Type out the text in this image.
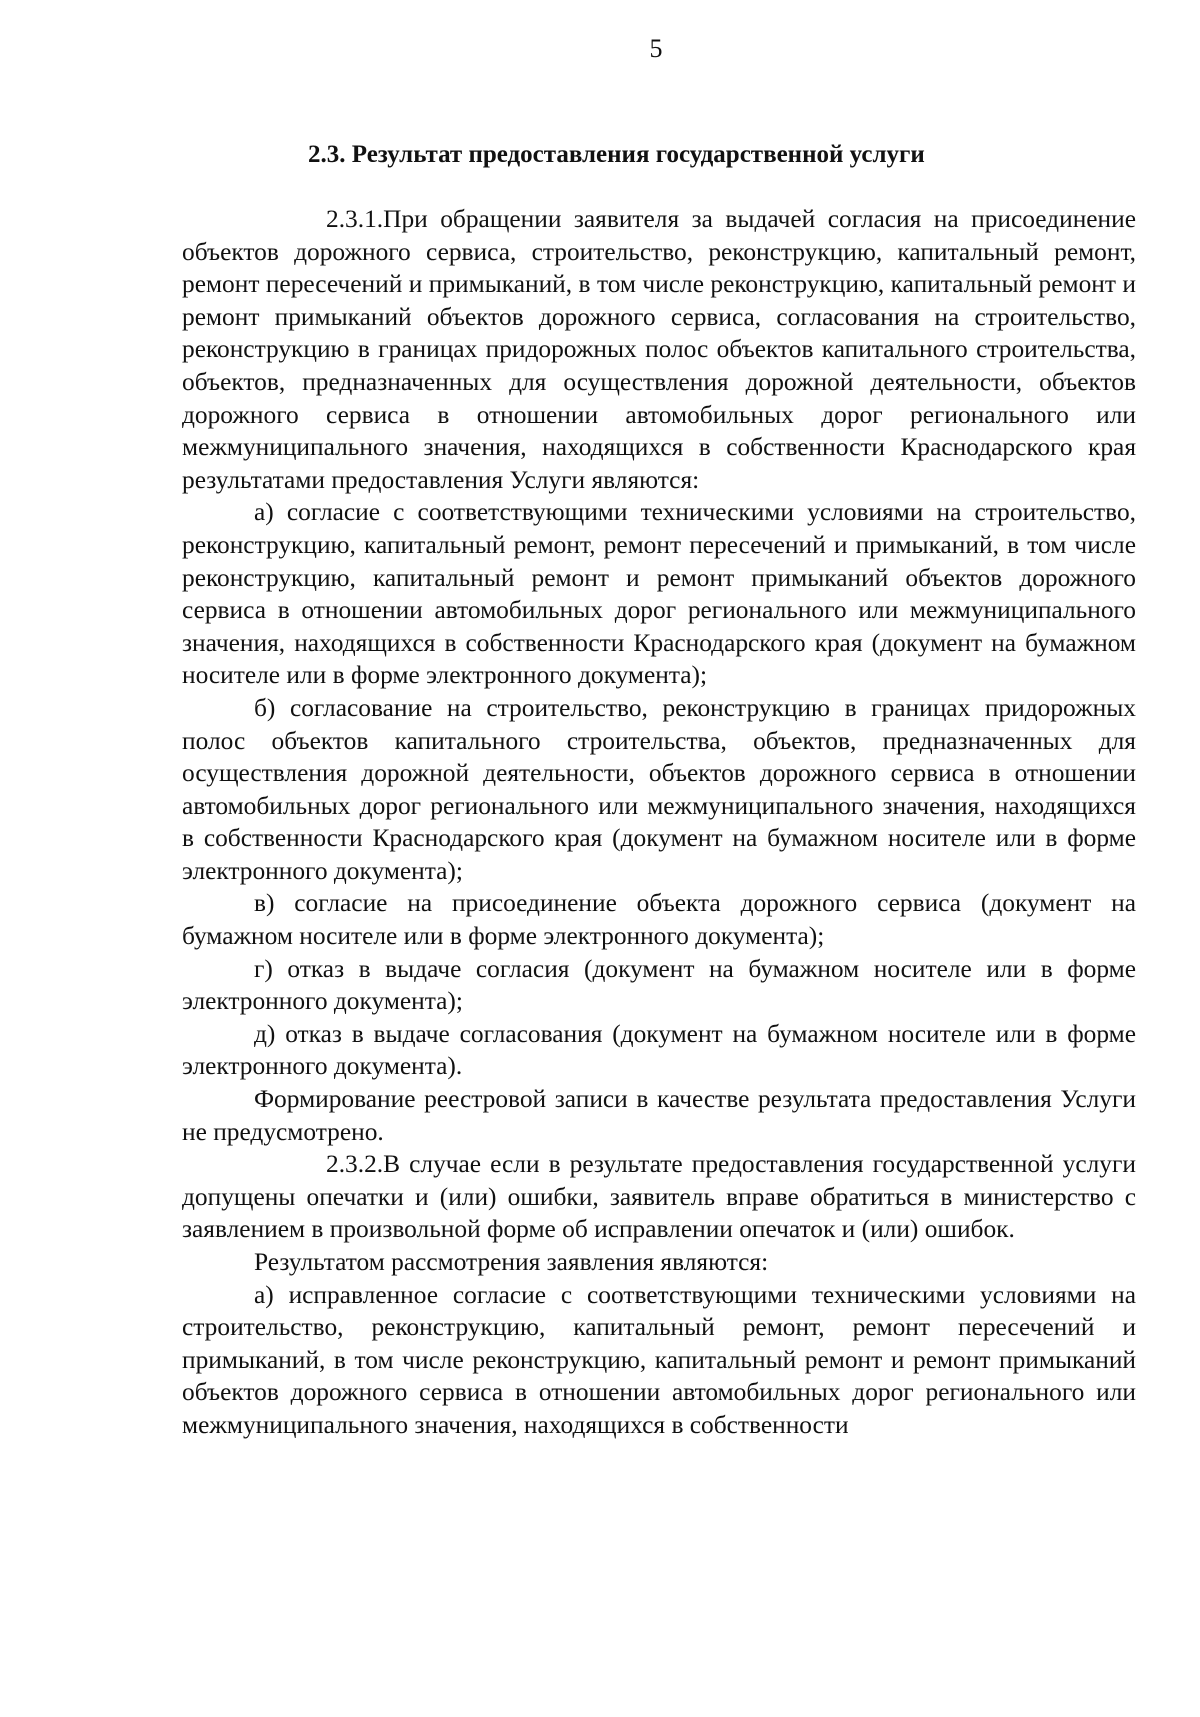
5
2.3. Результат предоставления государственной услуги

2.3.1.При обращении заявителя за выдачей согласия на присоединение объектов дорожного сервиса, строительство, реконструкцию, капитальный ремонт, ремонт пересечений и примыканий, в том числе реконструкцию, капитальный ремонт и ремонт примыканий объектов дорожного сервиса, согласования на строительство, реконструкцию в границах придорожных полос объектов капитального строительства, объектов, предназначенных для осуществления дорожной деятельности, объектов дорожного сервиса в отношении автомобильных дорог регионального или межмуниципального значения, находящихся в собственности Краснодарского края результатами предоставления Услуги являются:

а) согласие с соответствующими техническими условиями на строительство, реконструкцию, капитальный ремонт, ремонт пересечений и примыканий, в том числе реконструкцию, капитальный ремонт и ремонт примыканий объектов дорожного сервиса в отношении автомобильных дорог регионального или межмуниципального значения, находящихся в собственности Краснодарского края (документ на бумажном носителе или в форме электронного документа);

б) согласование на строительство, реконструкцию в границах придорожных полос объектов капитального строительства, объектов, предназначенных для осуществления дорожной деятельности, объектов дорожного сервиса в отношении автомобильных дорог регионального или межмуниципального значения, находящихся в собственности Краснодарского края (документ на бумажном носителе или в форме электронного документа);

в) согласие на присоединение объекта дорожного сервиса (документ на бумажном носителе или в форме электронного документа);

г) отказ в выдаче согласия (документ на бумажном носителе или в форме электронного документа);

д) отказ в выдаче согласования (документ на бумажном носителе или в форме электронного документа).

Формирование реестровой записи в качестве результата предоставления Услуги не предусмотрено.

2.3.2.В случае если в результате предоставления государственной услуги допущены опечатки и (или) ошибки, заявитель вправе обратиться в министерство с заявлением в произвольной форме об исправлении опечаток и (или) ошибок.

Результатом рассмотрения заявления являются:

а) исправленное согласие с соответствующими техническими условиями на строительство, реконструкцию, капитальный ремонт, ремонт пересечений и примыканий, в том числе реконструкцию, капитальный ремонт и ремонт примыканий объектов дорожного сервиса в отношении автомобильных дорог регионального или межмуниципального значения, находящихся в собственности
